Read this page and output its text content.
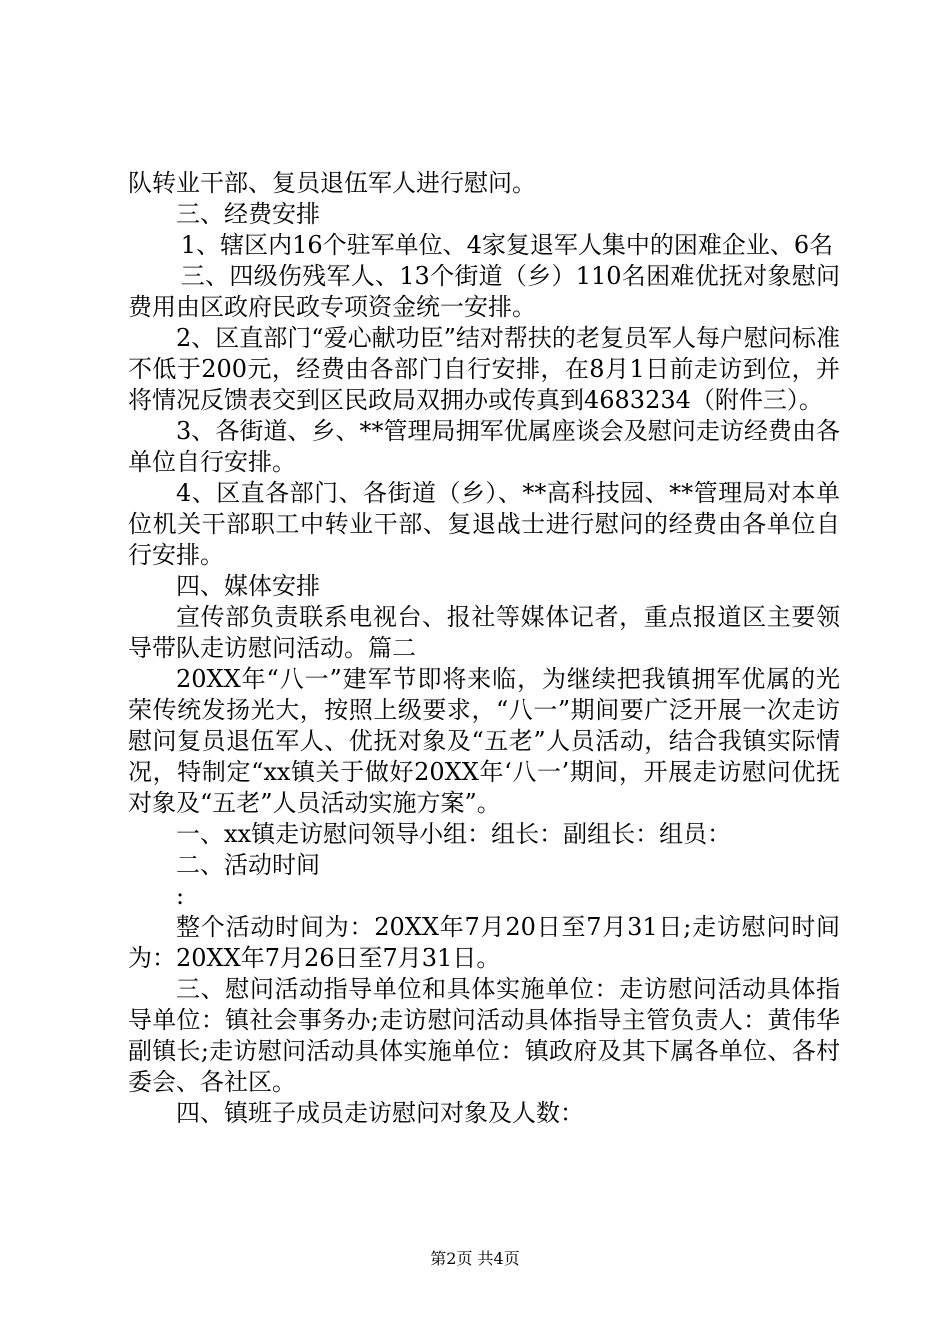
队转业干部、复员退伍军人进行慰问。

三、经费安排

1、辖区内16个驻军单位、4家复退军人集中的困难企业、6名

三、四级伤残军人、13个街道（乡）110名困难优抚对象慰问费用由区政府民政专项资金统一安排。

2、区直部门“爱心献功臣”结对帮扶的老复员军人每户慰问标准不低于200元，经费由各部门自行安排，在8月1日前走访到位，并将情况反馈表交到区民政局双拥办或传真到4683234（附件三）。

3、各街道、乡、**管理局拥军优属座谈会及慰问走访经费由各单位自行安排。

4、区直各部门、各街道（乡）、**高科技园、**管理局对本单位机关干部职工中转业干部、复退战士进行慰问的经费由各单位自行安排。

四、媒体安排

宣传部负责联系电视台、报社等媒体记者，重点报道区主要领导带队走访慰问活动。篇二

20XX年“八一”建军节即将来临，为继续把我镇拥军优属的光荣传统发扬光大，按照上级要求，“八一”期间要广泛开展一次走访慰问复员退伍军人、优抚对象及“五老”人员活动，结合我镇实际情况，特制定“xx镇关于做好20XX年‘八一’期间，开展走访慰问优抚对象及“五老”人员活动实施方案”。

一、xx镇走访慰问领导小组：组长：副组长：组员：

二、活动时间

:

整个活动时间为：20XX年7月20日至7月31日;走访慰问时间为：20XX年7月26日至7月31日。

三、慰问活动指导单位和具体实施单位：走访慰问活动具体指导单位：镇社会事务办;走访慰问活动具体指导主管负责人：黄伟华副镇长;走访慰问活动具体实施单位：镇政府及其下属各单位、各村委会、各社区。

四、镇班子成员走访慰问对象及人数：

第2页 共4页
